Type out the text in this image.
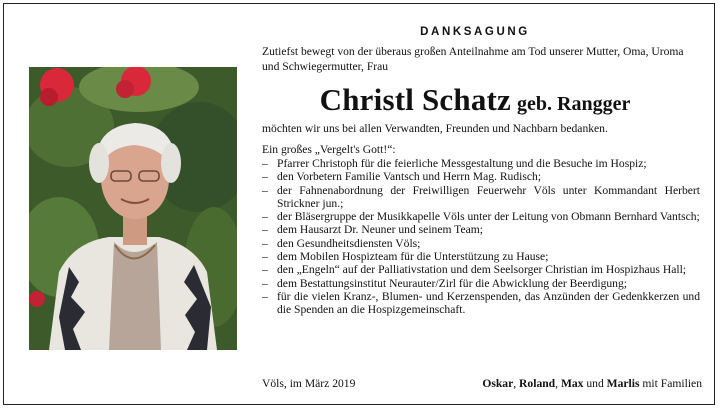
DANKSAGUNG
Zutiefst bewegt von der überaus großen Anteilnahme am Tod unserer Mutter, Oma, Uroma und Schwiegermutter, Frau
Christl Schatz geb. Rangger
möchten wir uns bei allen Verwandten, Freunden und Nachbarn bedanken.
Ein großes „Vergelt's Gott!“:
– Pfarrer Christoph für die feierliche Messgestaltung und die Besuche im Hospiz;
– den Vorbetern Familie Vantsch und Herrn Mag. Rudisch;
– der Fahnenabordnung der Freiwilligen Feuerwehr Völs unter Kommandant Herbert Strickner jun.;
– der Bläsergruppe der Musikkapelle Völs unter der Leitung von Obmann Bernhard Vantsch;
– dem Hausarzt Dr. Neuner und seinem Team;
– den Gesundheitsdiensten Völs;
– dem Mobilen Hospizteam für die Unterstützung zu Hause;
– den „Engeln“ auf der Palliativstation und dem Seelsorger Christian im Hospizhaus Hall;
– dem Bestattungsinstitut Neurauter/Zirl für die Abwicklung der Beerdigung;
– für die vielen Kranz-, Blumen- und Kerzenspenden, das Anzünden der Gedenkkerzen und die Spenden an die Hospizgemeinschaft.
Völs, im März 2019	Oskar, Roland, Max und Marlis mit Familien
